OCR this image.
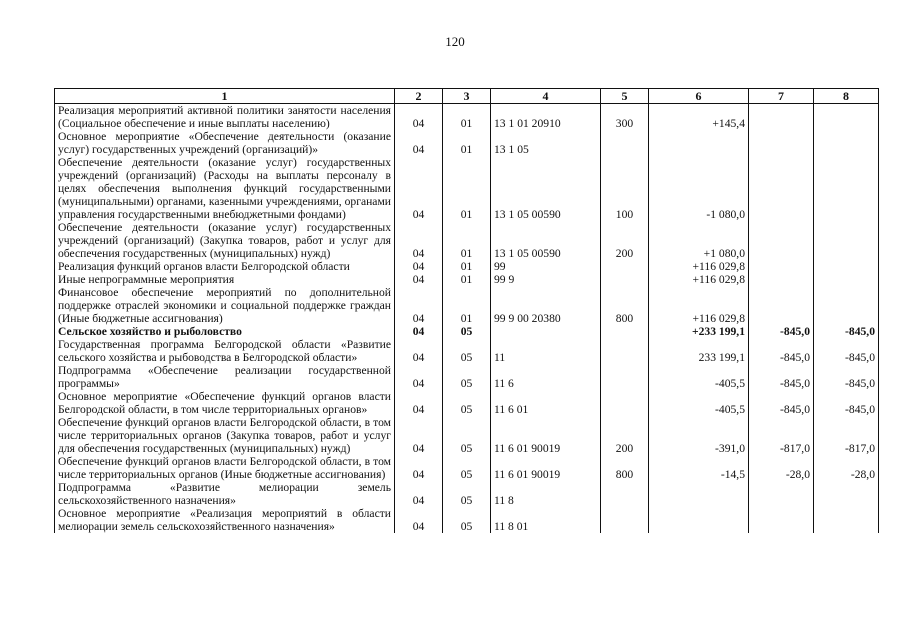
120
1	2	3	4	5	6	7	8
Реализация мероприятий активной политики занятости населения (Социальное обеспечение и иные выплаты населению)	04	01	13 1 01 20910	300	+145,4		
Основное мероприятие «Обеспечение деятельности (оказание услуг) государственных учреждений (организаций)»	04	01	13 1 05				
Обеспечение деятельности (оказание услуг) государственных учреждений (организаций) (Расходы на выплаты персоналу в целях обеспечения выполнения функций государственными (муниципальными) органами, казенными учреждениями, органами управления государственными внебюджетными фондами)	04	01	13 1 05 00590	100	-1 080,0		
Обеспечение деятельности (оказание услуг) государственных учреждений (организаций) (Закупка товаров, работ и услуг для обеспечения государственных (муниципальных) нужд)	04	01	13 1 05 00590	200	+1 080,0		
Реализация функций органов власти Белгородской области	04	01	99		+116 029,8		
Иные непрограммные мероприятия	04	01	99 9		+116 029,8		
Финансовое обеспечение мероприятий по дополнительной поддержке отраслей экономики и социальной поддержке граждан (Иные бюджетные ассигнования)	04	01	99 9 00 20380	800	+116 029,8		
Сельское хозяйство и рыболовство	04	05			+233 199,1	-845,0	-845,0
Государственная программа Белгородской области «Развитие сельского хозяйства и рыбоводства в Белгородской области»	04	05	11		233 199,1	-845,0	-845,0
Подпрограмма «Обеспечение реализации государственной программы»	04	05	11 6		-405,5	-845,0	-845,0
Основное мероприятие «Обеспечение функций органов власти Белгородской области, в том числе территориальных органов»	04	05	11 6 01		-405,5	-845,0	-845,0
Обеспечение функций органов власти Белгородской области, в том числе территориальных органов (Закупка товаров, работ и услуг для обеспечения государственных (муниципальных) нужд)	04	05	11 6 01 90019	200	-391,0	-817,0	-817,0
Обеспечение функций органов власти Белгородской области, в том числе территориальных органов (Иные бюджетные ассигнования)	04	05	11 6 01 90019	800	-14,5	-28,0	-28,0
Подпрограмма «Развитие мелиорации земель сельскохозяйственного назначения»	04	05	11 8				
Основное мероприятие «Реализация мероприятий в области мелиорации земель сельскохозяйственного назначения»	04	05	11 8 01				
